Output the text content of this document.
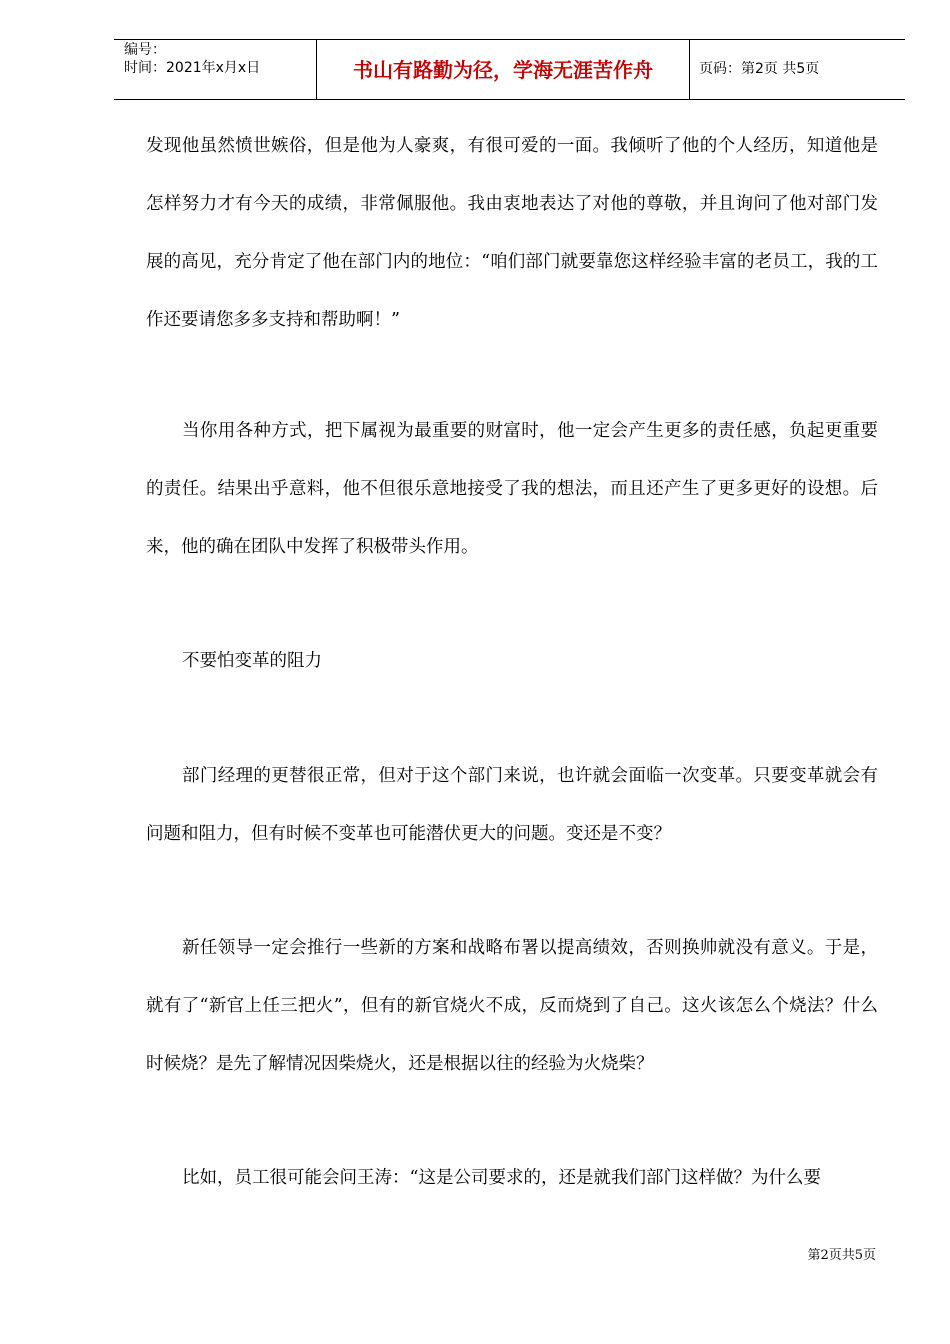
编号：
时间：2021年x月x日	书山有路勤为径，学海无涯苦作舟	页码：第2页 共5页

发现他虽然愤世嫉俗，但是他为人豪爽，有很可爱的一面。我倾听了他的个人经历，知道他是怎样努力才有今天的成绩，非常佩服他。我由衷地表达了对他的尊敬，并且询问了他对部门发展的高见，充分肯定了他在部门内的地位：“咱们部门就要靠您这样经验丰富的老员工，我的工作还要请您多多支持和帮助啊！”

当你用各种方式，把下属视为最重要的财富时，他一定会产生更多的责任感，负起更重要的责任。结果出乎意料，他不但很乐意地接受了我的想法，而且还产生了更多更好的设想。后来，他的确在团队中发挥了积极带头作用。

不要怕变革的阻力

部门经理的更替很正常，但对于这个部门来说，也许就会面临一次变革。只要变革就会有问题和阻力，但有时候不变革也可能潜伏更大的问题。变还是不变？

新任领导一定会推行一些新的方案和战略布署以提高绩效，否则换帅就没有意义。于是，就有了“新官上任三把火”，但有的新官烧火不成，反而烧到了自己。这火该怎么个烧法？什么时候烧？是先了解情况因柴烧火，还是根据以往的经验为火烧柴？

比如，员工很可能会问王涛：“这是公司要求的，还是就我们部门这样做？为什么要

第2页共5页
